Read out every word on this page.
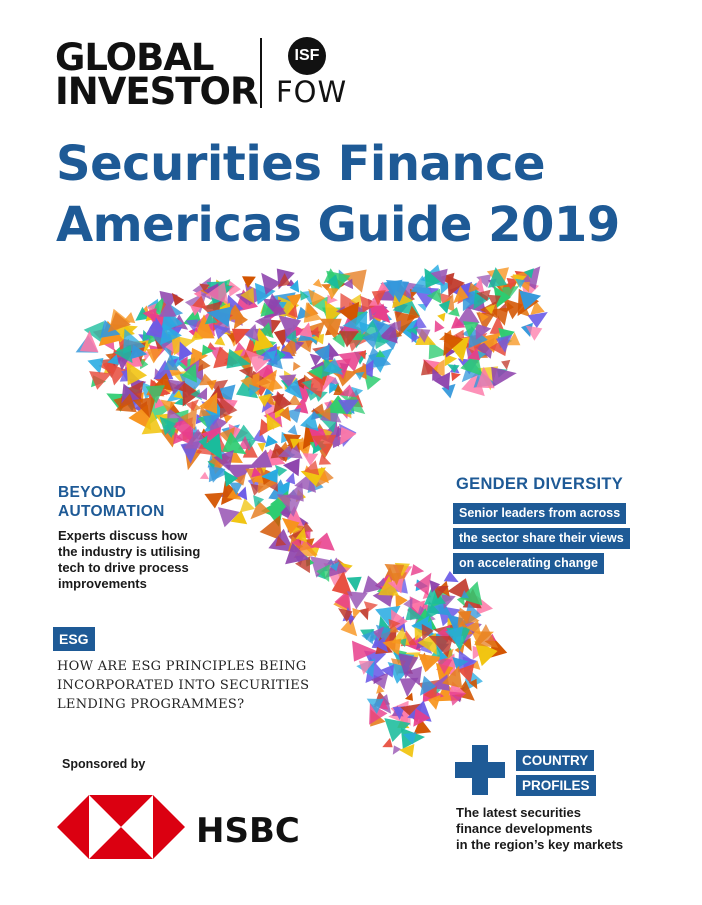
GLOBAL
INVESTOR
ISF
FOW
Securities Finance
Americas Guide 2019
BEYOND
AUTOMATION
Experts discuss how
the industry is utilising
tech to drive process
improvements
GENDER DIVERSITY
Senior leaders from across
the sector share their views
on accelerating change
ESG
HOW ARE ESG PRINCIPLES BEING
INCORPORATED INTO SECURITIES
LENDING PROGRAMMES?
Sponsored by
HSBC
COUNTRY
PROFILES
The latest securities
finance developments
in the region’s key markets
